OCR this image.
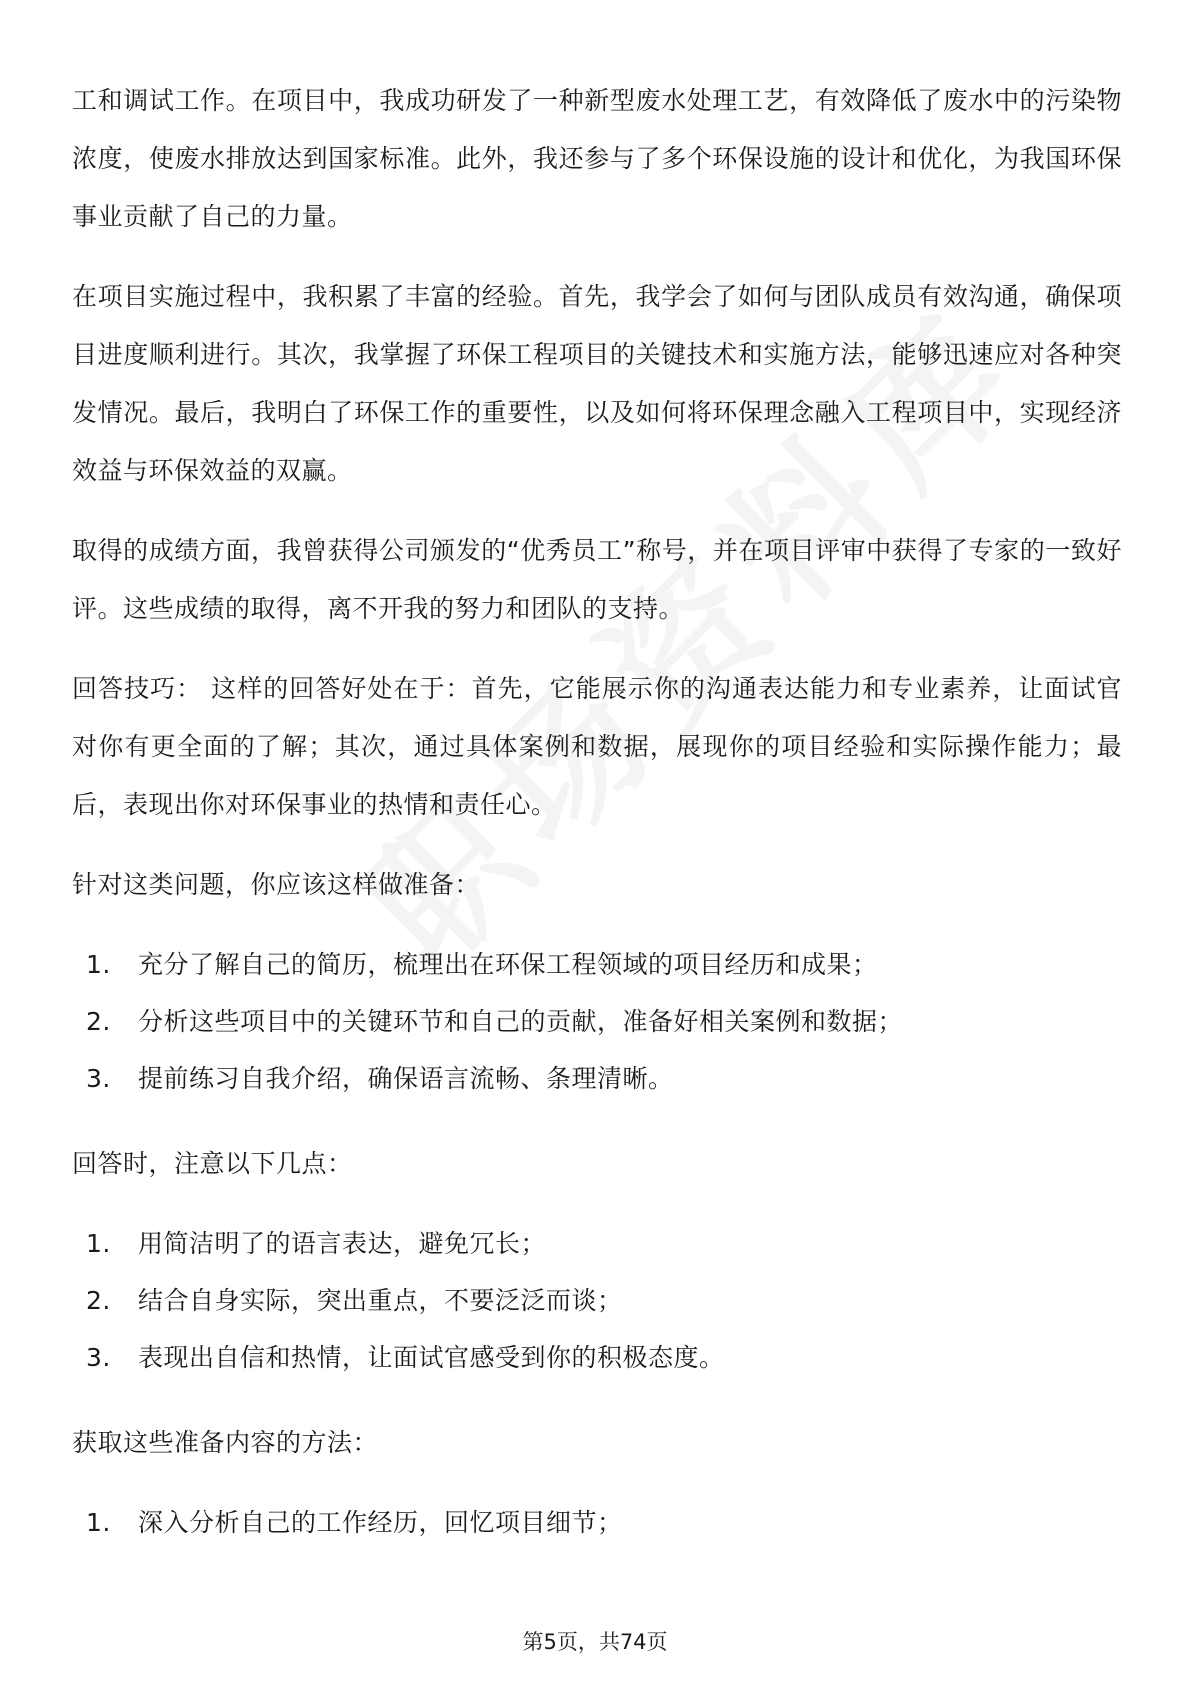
工和调试工作。在项目中，我成功研发了一种新型废水处理工艺，有效降低了废水中的污染物浓度，使废水排放达到国家标准。此外，我还参与了多个环保设施的设计和优化，为我国环保事业贡献了自己的力量。

在项目实施过程中，我积累了丰富的经验。首先，我学会了如何与团队成员有效沟通，确保项目进度顺利进行。其次，我掌握了环保工程项目的关键技术和实施方法，能够迅速应对各种突发情况。最后，我明白了环保工作的重要性，以及如何将环保理念融入工程项目中，实现经济效益与环保效益的双赢。

取得的成绩方面，我曾获得公司颁发的“优秀员工”称号，并在项目评审中获得了专家的一致好评。这些成绩的取得，离不开我的努力和团队的支持。

回答技巧： 这样的回答好处在于：首先，它能展示你的沟通表达能力和专业素养，让面试官对你有更全面的了解；其次，通过具体案例和数据，展现你的项目经验和实际操作能力；最后，表现出你对环保事业的热情和责任心。

针对这类问题，你应该这样做准备：

1.	充分了解自己的简历，梳理出在环保工程领域的项目经历和成果；
2.	分析这些项目中的关键环节和自己的贡献，准备好相关案例和数据；
3.	提前练习自我介绍，确保语言流畅、条理清晰。

回答时，注意以下几点：

1.	用简洁明了的语言表达，避免冗长；
2.	结合自身实际，突出重点，不要泛泛而谈；
3.	表现出自信和热情，让面试官感受到你的积极态度。

获取这些准备内容的方法：

1.	深入分析自己的工作经历，回忆项目细节；
第5页，共74页
